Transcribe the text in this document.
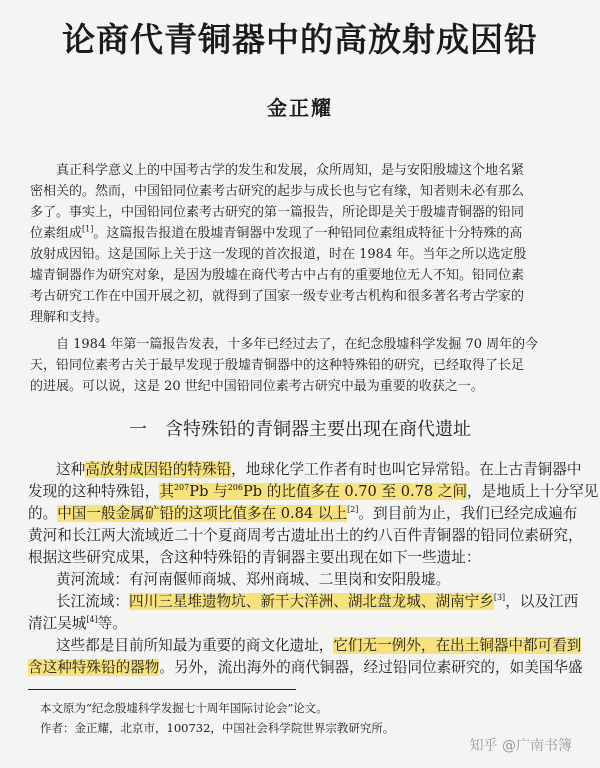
论商代青铜器中的高放射成因铅
金正耀
真正科学意义上的中国考古学的发生和发展，众所周知，是与安阳殷墟这个地名紧
密相关的。然而，中国铅同位素考古研究的起步与成长也与它有缘，知者则未必有那么
多了。事实上，中国铅同位素考古研究的第一篇报告，所论即是关于殷墟青铜器的铅同
位素组成[1]。这篇报告报道在殷墟青铜器中发现了一种铅同位素组成特征十分特殊的高
放射成因铅。这是国际上关于这一发现的首次报道，时在 1984 年。当年之所以选定殷
墟青铜器作为研究对象，是因为殷墟在商代考古中占有的重要地位无人不知。铅同位素
考古研究工作在中国开展之初，就得到了国家一级专业考古机构和很多著名考古学家的
理解和支持。
自 1984 年第一篇报告发表，十多年已经过去了，在纪念殷墟科学发掘 70 周年的今
天，铅同位素考古关于最早发现于殷墟青铜器中的这种特殊铅的研究，已经取得了长足
的进展。可以说，这是 20 世纪中国铅同位素考古研究中最为重要的收获之一。
一　含特殊铅的青铜器主要出现在商代遗址
这种高放射成因铅的特殊铅，地球化学工作者有时也叫它异常铅。在上古青铜器中
发现的这种特殊铅，其$^{207}$Pb 与$^{206}$Pb 的比值多在 0.70 至 0.78 之间，是地质上十分罕见
的。中国一般金属矿铅的这项比值多在 0.84 以上[2]。到目前为止，我们已经完成遍布
黄河和长江两大流域近二十个夏商周考古遗址出土的约八百件青铜器的铅同位素研究，
根据这些研究成果，含这种特殊铅的青铜器主要出现在如下一些遗址：
黄河流域：有河南偃师商城、郑州商城、二里岗和安阳殷墟。
长江流域：四川三星堆遗物坑、新干大洋洲、湖北盘龙城、湖南宁乡[3]，以及江西
清江吴城[4]等。
这些都是目前所知最为重要的商文化遗址，它们无一例外，在出土铜器中都可看到
含这种特殊铅的器物。另外，流出海外的商代铜器，经过铅同位素研究的，如美国华盛
本文原为“纪念殷墟科学发掘七十周年国际讨论会”论文。
作者：金正耀，北京市，100732，中国社会科学院世界宗教研究所。
知乎 @广南书簿
